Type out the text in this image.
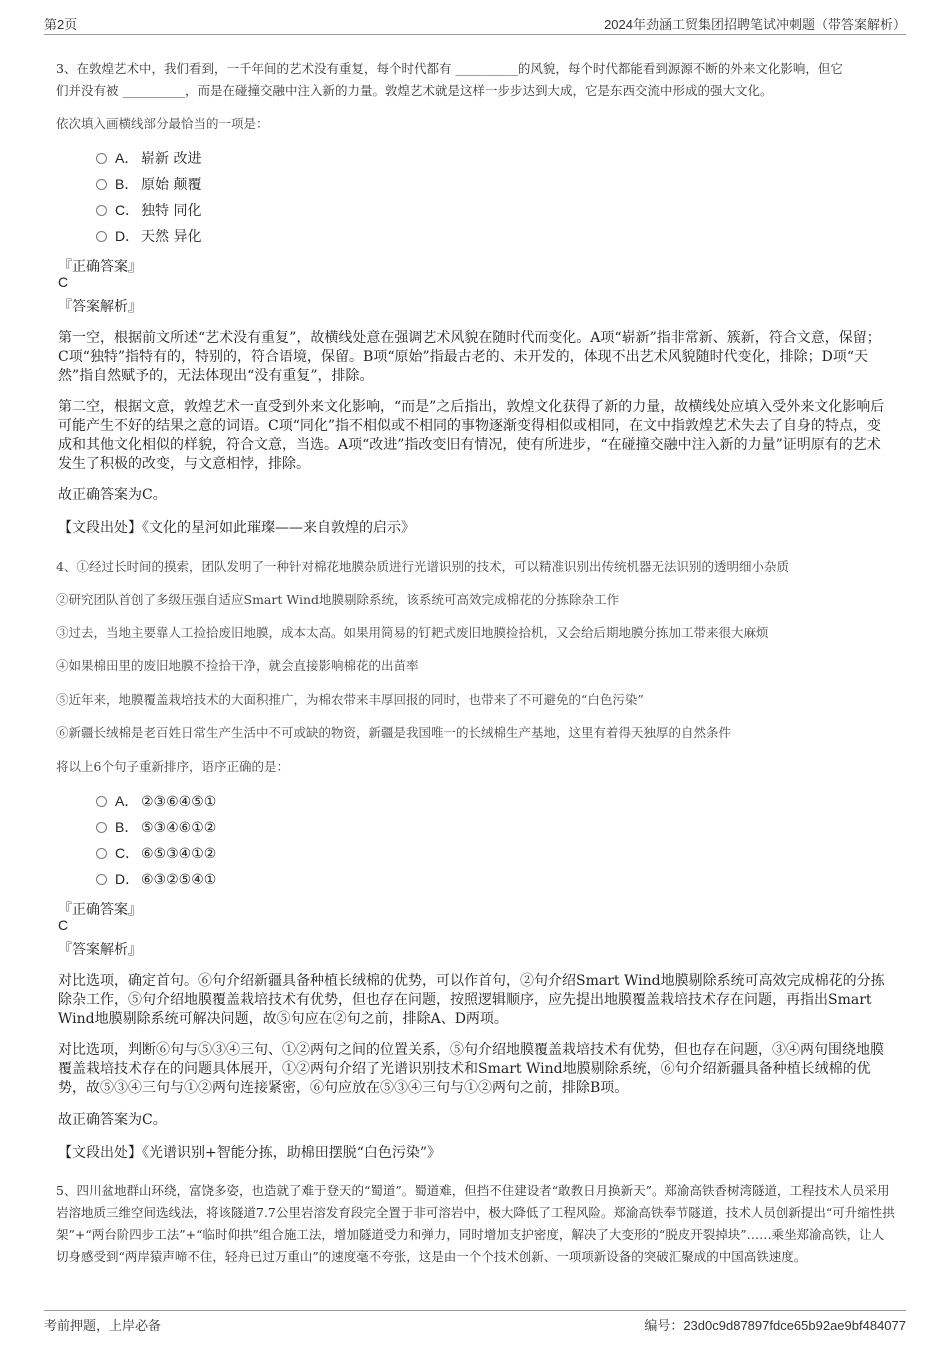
第2页	2024年劲涵工贸集团招聘笔试冲刺题（带答案解析）
3、在敦煌艺术中，我们看到，一千年间的艺术没有重复，每个时代都有 __________的风貌，每个时代都能看到源源不断的外来文化影响，但它
们并没有被 __________，而是在碰撞交融中注入新的力量。敦煌艺术就是这样一步步达到大成，它是东西交流中形成的强大文化。
依次填入画横线部分最恰当的一项是：
A． 崭新 改进
B． 原始 颠覆
C． 独特 同化
D． 天然 异化
『正确答案』
C
『答案解析』
第一空，根据前文所述“艺术没有重复”，故横线处意在强调艺术风貌在随时代而变化。A项“崭新”指非常新、簇新，符合文意，保留；C项“独特”指特有的，特别的，符合语境，保留。B项“原始”指最古老的、未开发的，体现不出艺术风貌随时代变化，排除；D项“天然”指自然赋予的，无法体现出“没有重复”，排除。
第二空，根据文意，敦煌艺术一直受到外来文化影响，“而是”之后指出，敦煌文化获得了新的力量，故横线处应填入受外来文化影响后可能产生不好的结果之意的词语。C项“同化”指不相似或不相同的事物逐渐变得相似或相同，在文中指敦煌艺术失去了自身的特点，变成和其他文化相似的样貌，符合文意，当选。A项“改进”指改变旧有情况，使有所进步，“在碰撞交融中注入新的力量”证明原有的艺术发生了积极的改变，与文意相悖，排除。
故正确答案为C。
【文段出处】《文化的星河如此璀璨——来自敦煌的启示》
4、①经过长时间的摸索，团队发明了一种针对棉花地膜杂质进行光谱识别的技术，可以精准识别出传统机器无法识别的透明细小杂质
②研究团队首创了多级压强自适应Smart Wind地膜剔除系统，该系统可高效完成棉花的分拣除杂工作
③过去，当地主要靠人工捡拾废旧地膜，成本太高。如果用简易的钉耙式废旧地膜捡拾机，又会给后期地膜分拣加工带来很大麻烦
④如果棉田里的废旧地膜不捡拾干净，就会直接影响棉花的出苗率
⑤近年来，地膜覆盖栽培技术的大面积推广，为棉农带来丰厚回报的同时，也带来了不可避免的“白色污染”
⑥新疆长绒棉是老百姓日常生产生活中不可或缺的物资，新疆是我国唯一的长绒棉生产基地，这里有着得天独厚的自然条件
将以上6个句子重新排序，语序正确的是：
A． ②③⑥④⑤①
B． ⑤③④⑥①②
C． ⑥⑤③④①②
D． ⑥③②⑤④①
『正确答案』
C
『答案解析』
对比选项，确定首句。⑥句介绍新疆具备种植长绒棉的优势，可以作首句，②句介绍Smart Wind地膜剔除系统可高效完成棉花的分拣除杂工作，⑤句介绍地膜覆盖栽培技术有优势，但也存在问题，按照逻辑顺序，应先提出地膜覆盖栽培技术存在问题，再指出Smart Wind地膜剔除系统可解决问题，故⑤句应在②句之前，排除A、D两项。
对比选项，判断⑥句与⑤③④三句、①②两句之间的位置关系，⑤句介绍地膜覆盖栽培技术有优势，但也存在问题，③④两句围绕地膜覆盖栽培技术存在的问题具体展开，①②两句介绍了光谱识别技术和Smart Wind地膜剔除系统，⑥句介绍新疆具备种植长绒棉的优势，故⑤③④三句与①②两句连接紧密，⑥句应放在⑤③④三句与①②两句之前，排除B项。
故正确答案为C。
【文段出处】《光谱识别+智能分拣，助棉田摆脱“白色污染”》
5、四川盆地群山环绕，富饶多姿，也造就了难于登天的“蜀道”。蜀道难，但挡不住建设者“敢教日月换新天”。郑渝高铁香树湾隧道，工程技术人员采用岩溶地质三维空间选线法，将该隧道7.7公里岩溶发育段完全置于非可溶岩中，极大降低了工程风险。郑渝高铁奉节隧道，技术人员创新提出“可升缩性拱架”+“两台阶四步工法”+“临时仰拱”组合施工法，增加隧道受力和弹力，同时增加支护密度，解决了大变形的“脱皮开裂掉块”……乘坐郑渝高铁，让人切身感受到“两岸猿声啼不住，轻舟已过万重山”的速度毫不夸张，这是由一个个技术创新、一项项新设备的突破汇聚成的中国高铁速度。
考前押题，上岸必备	编号：23d0c9d87897fdce65b92ae9bf484077
